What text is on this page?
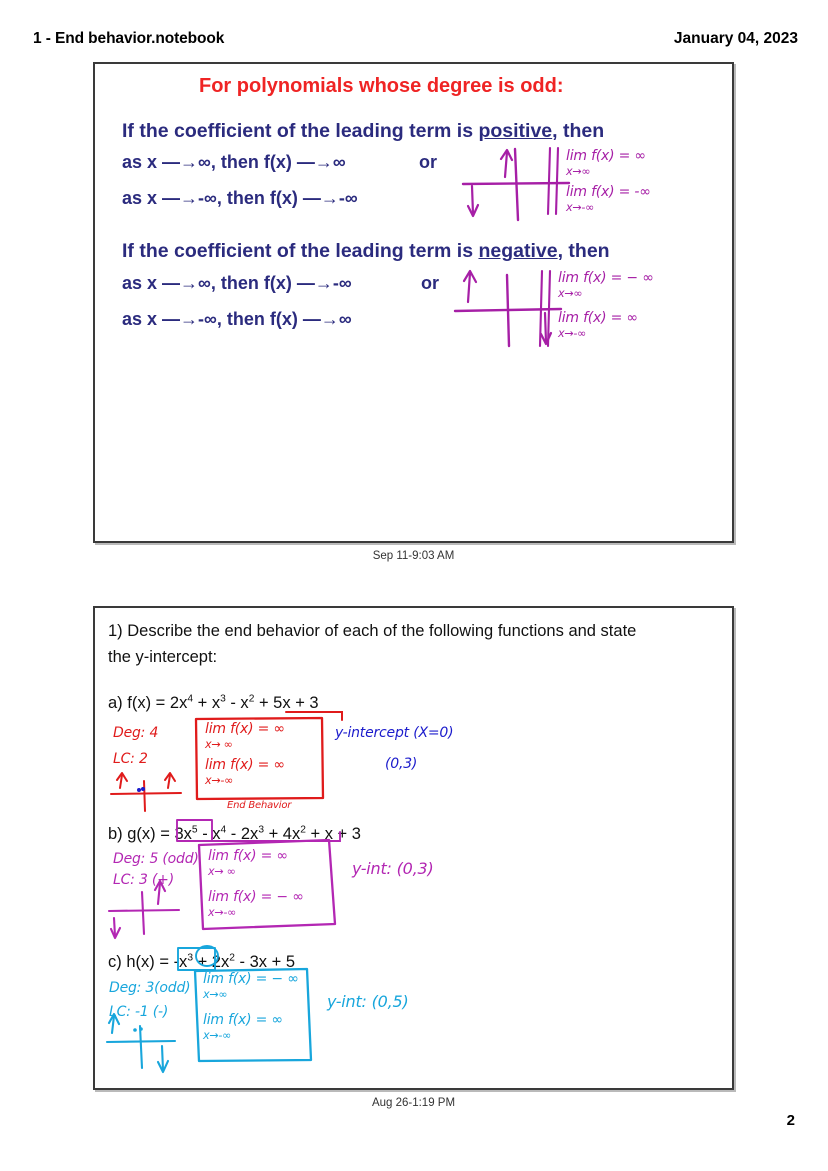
1 - End behavior.notebook	January 04, 2023
For polynomials whose degree is odd:
If the coefficient of the leading term is positive, then
as x —→∞, then f(x) —→∞
as x —→-∞, then f(x) —→-∞
or	lim f(x) = ∞
x→∞
lim f(x) = -∞
x→-∞
If the coefficient of the leading term is negative, then
as x —→∞, then f(x) —→-∞
as x —→-∞, then f(x) —→∞
or	lim f(x) = − ∞
x→∞
lim f(x) = ∞
x→-∞
Sep 11-9:03 AM
1) Describe the end behavior of each of the following functions and state
the y-intercept:
a) $f(x) = 2x^4 + x^3 - x^2 + 5x + 3$
Deg: 4
LC: 2
lim f(x) = ∞
x→ ∞
lim f(x) = ∞
x→-∞
End Behavior
y-intercept (X=0)
(0,3)
b) $g(x) = 3x^5 - x^4 - 2x^3 + 4x^2 + x + 3$
Deg: 5 (odd)
LC: 3 (+)
lim f(x) = ∞
x→ ∞
lim f(x) = − ∞
x→-∞
y-int: (0,3)
c) $h(x) = -x^3 + 2x^2 - 3x + 5$
Deg: 3(odd)
LC: -1 (-)
lim f(x) = − ∞
x→∞
lim f(x) = ∞
x→-∞
y-int: (0,5)
Aug 26-1:19 PM
2
